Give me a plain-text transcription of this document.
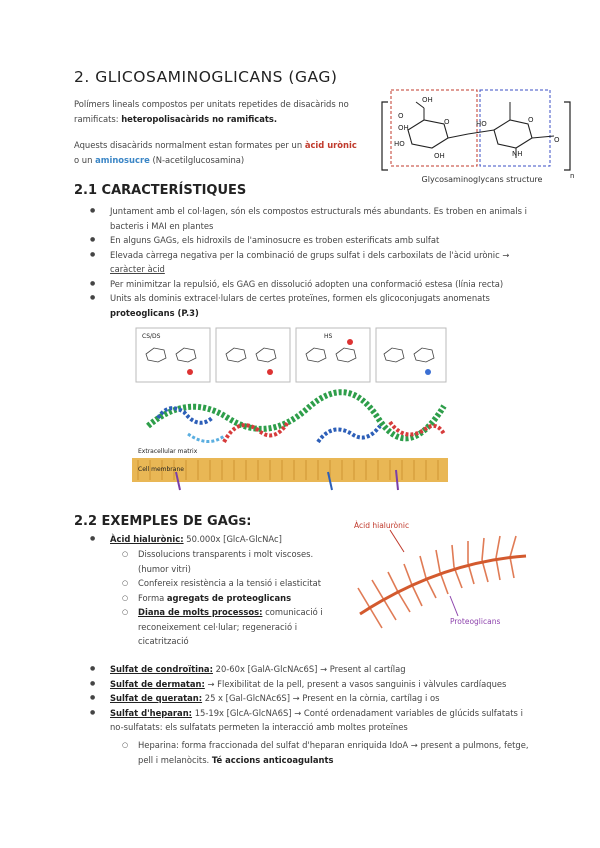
2. GLICOSAMINOGLICANS (GAG)

Polímers lineals compostos per unitats repetides de disacàrids no ramificats: heteropolisacàrids no ramificats.

Aquests disacàrids normalment estan formates per un àcid urònic o un aminosucre (N-acetilglucosamina)

OH
O
OH
HO
O	HO
OH
O
O
NH
n
Glycosaminoglycans structure
2.1 CARACTERÍSTIQUES
● Juntament amb el col·lagen, són els compostos estructurals més abundants. Es troben en animals i bacteris i MAI en plantes
● En alguns GAGs, els hidroxils de l'aminosucre es troben esterificats amb sulfat
● Elevada càrrega negativa per la combinació de grups sulfat i dels carboxilats de l'àcid urònic →
caràcter àcid
● Per minimitzar la repulsió, els GAG en dissolució adopten una conformació estesa (línia recta)
● Units als dominis extracel·lulars de certes proteïnes, formen els glicoconjugats anomenats
proteoglicans (P.3)
CS/DS	HS
Extracellular matrix
Cell membrane
2.2 EXEMPLES DE GAGs:
● Àcid hialurònic: 50.000x [GlcA-GlcNAc]
○ Dissolucions transparents i molt viscoses. (humor vitri)
○ Confereix resistència a la tensió i elasticitat
○ Forma agregats de proteoglicans
○ Diana de molts processos: comunicació i reconeixement cel·lular; regeneració i cicatrització
Àcid hialurònic
Proteoglicans
● Sulfat de condroïtina: 20-60x [GalA-GlcNAc6S] → Present al cartílag
● Sulfat de dermatan: → Flexibilitat de la pell, present a vasos sanguinis i vàlvules cardíaques
● Sulfat de queratan: 25 x [Gal-GlcNAc6S] → Present en la còrnia, cartílag i os
● Sulfat d'heparan: 15-19x [GlcA-GlcNA6S] → Conté ordenadament variables de glúcids sulfatats i no-sulfatats: els sulfatats permeten la interacció amb moltes proteïnes
○ Heparina: forma fraccionada del sulfat d'heparan enriquida IdoA → present a pulmons, fetge, pell i melanòcits. Té accions anticoagulants
